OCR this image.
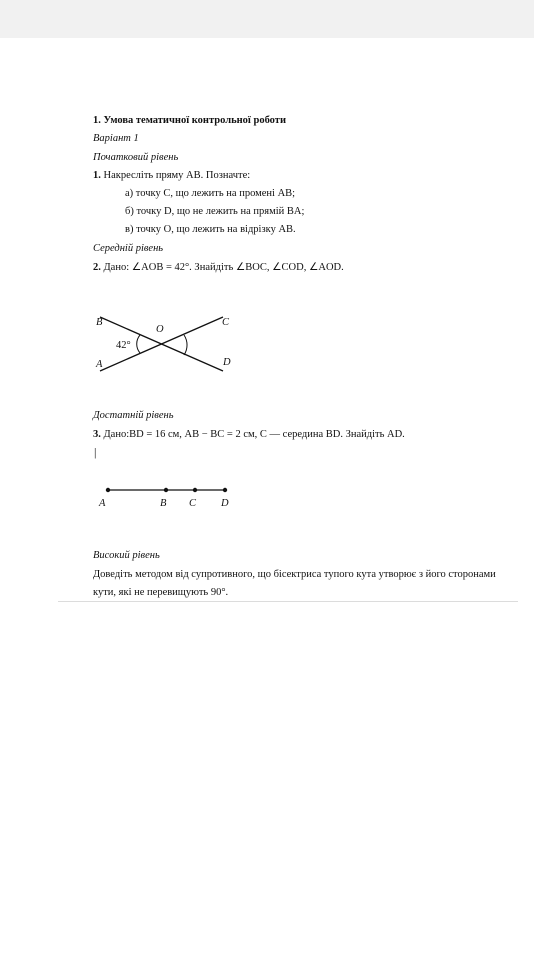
1. Умова тематичної контрольної роботи
Варіант 1
Початковий рівень
1. Накресліть пряму AB. Позначте:
а) точку C, що лежить на промені AB;
б) точку D, що не лежить на прямій BA;
в) точку O, що лежить на відрізку AB.
Середній рівень
2. Дано: ∠AOB = 42°. Знайдіть ∠BOC, ∠COD, ∠AOD.
B
O
C
A	D
42°
Достатній рівень
3. Дано:BD = 16 см, AB − BC = 2 см, C — середина BD. Знайдіть AD.
|
A	B C D
Високий рівень
Доведіть методом від супротивного, що бісектриса тупого кута утворює з його сторонами
кути, які не перевищують 90°.
